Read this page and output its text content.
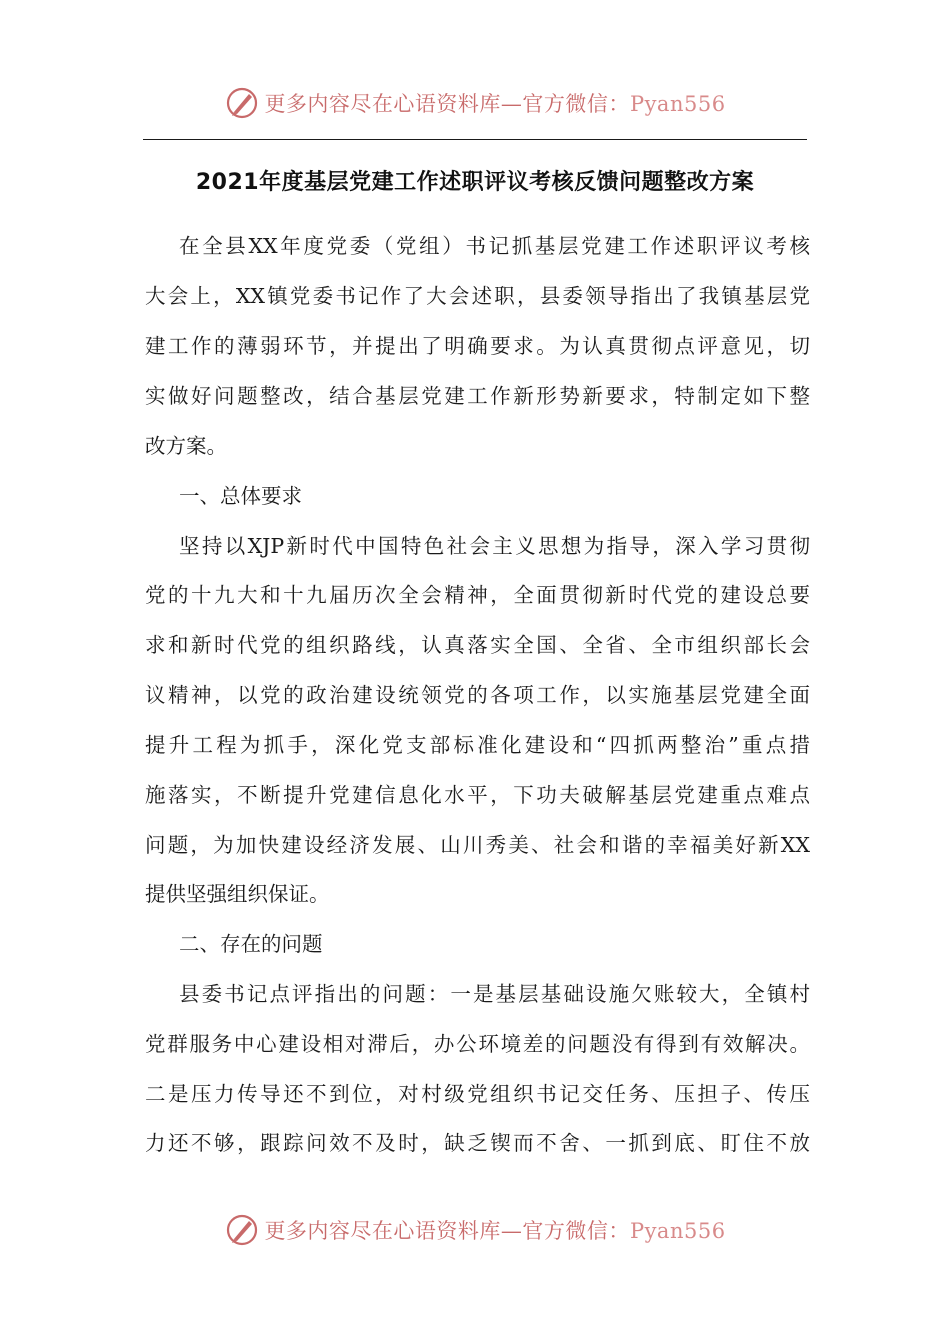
更多内容尽在心语资料库—官方微信：Pyan556
2021年度基层党建工作述职评议考核反馈问题整改方案
在全县XX年度党委（党组）书记抓基层党建工作述职评议考核
大会上，XX镇党委书记作了大会述职，县委领导指出了我镇基层党
建工作的薄弱环节，并提出了明确要求。为认真贯彻点评意见，切
实做好问题整改，结合基层党建工作新形势新要求，特制定如下整
改方案。
一、总体要求
坚持以XJP新时代中国特色社会主义思想为指导，深入学习贯彻
党的十九大和十九届历次全会精神，全面贯彻新时代党的建设总要
求和新时代党的组织路线，认真落实全国、全省、全市组织部长会
议精神，以党的政治建设统领党的各项工作，以实施基层党建全面
提升工程为抓手，深化党支部标准化建设和“四抓两整治”重点措
施落实，不断提升党建信息化水平，下功夫破解基层党建重点难点
问题，为加快建设经济发展、山川秀美、社会和谐的幸福美好新XX
提供坚强组织保证。
二、存在的问题
县委书记点评指出的问题：一是基层基础设施欠账较大，全镇村
党群服务中心建设相对滞后，办公环境差的问题没有得到有效解决。
二是压力传导还不到位，对村级党组织书记交任务、压担子、传压
力还不够，跟踪问效不及时，缺乏锲而不舍、一抓到底、盯住不放
更多内容尽在心语资料库—官方微信：Pyan556
